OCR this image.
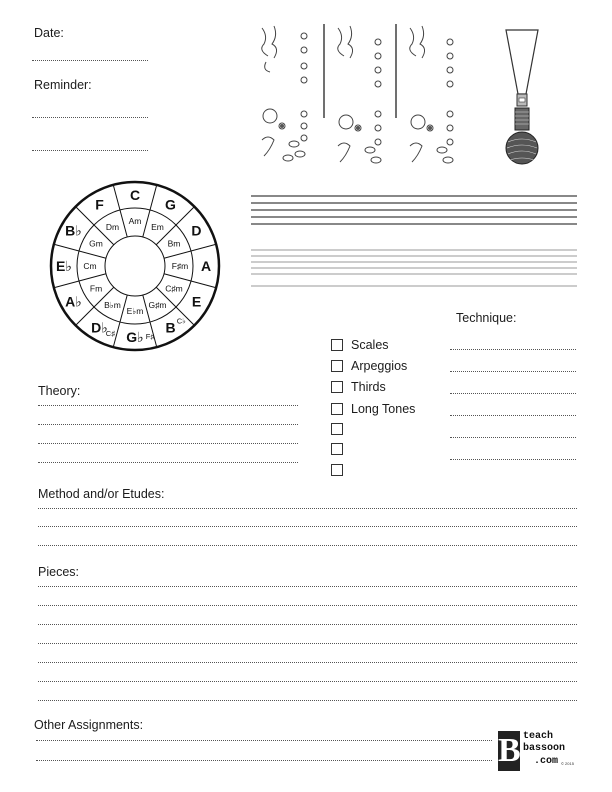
Date:
Reminder:
C
G
D
A
E
B
G♭
D♭
A♭
E♭
B♭
F
Am
Em
Bm
F♯m
C♯m
G♯m
E♭m
B♭m
Fm
Cm
Gm
Dm
C♯	F♯
C♭
Scales
Arpeggios
Thirds
Long Tones
Technique:
Theory:
Method and/or Etudes:
Pieces:
Other Assignments:
B teach
bassoon
.com © 2015
